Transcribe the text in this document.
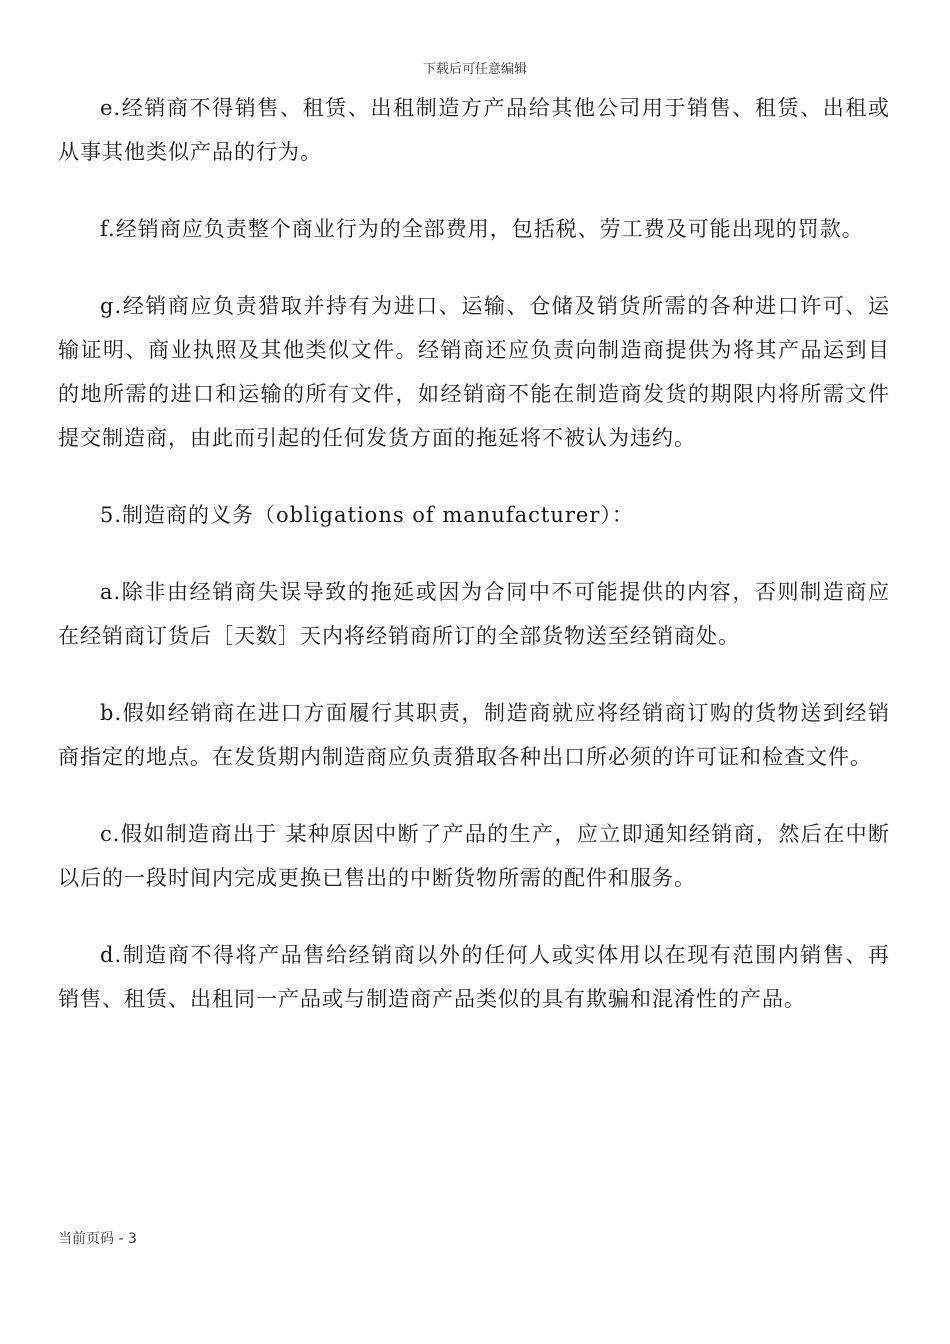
下载后可任意编辑

e.经销商不得销售、租赁、出租制造方产品给其他公司用于销售、租赁、出租或从事其他类似产品的行为。

f.经销商应负责整个商业行为的全部费用，包括税、劳工费及可能出现的罚款。

g.经销商应负责猎取并持有为进口、运输、仓储及销货所需的各种进口许可、运输证明、商业执照及其他类似文件。经销商还应负责向制造商提供为将其产品运到目的地所需的进口和运输的所有文件，如经销商不能在制造商发货的期限内将所需文件提交制造商，由此而引起的任何发货方面的拖延将不被认为违约。

5.制造商的义务（obligations of manufacturer）：

a.除非由经销商失误导致的拖延或因为合同中不可能提供的内容，否则制造商应在经销商订货后［天数］天内将经销商所订的全部货物送至经销商处。

b.假如经销商在进口方面履行其职责，制造商就应将经销商订购的货物送到经销商指定的地点。在发货期内制造商应负责猎取各种出口所必须的许可证和检查文件。

c.假如制造商出于 某种原因中断了产品的生产，应立即通知经销商，然后在中断以后的一段时间内完成更换已售出的中断货物所需的配件和服务。

d.制造商不得将产品售给经销商以外的任何人或实体用以在现有范围内销售、再销售、租赁、出租同一产品或与制造商产品类似的具有欺骗和混淆性的产品。

当前页码 - 3
